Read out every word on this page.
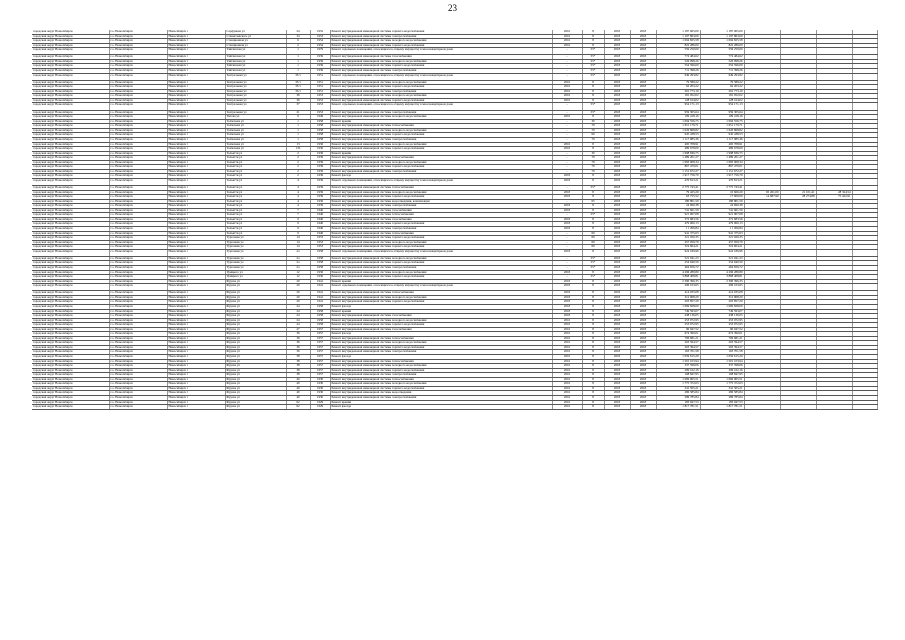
23
городской округ Новосибирск	г.о. Новосибирск	Новосибирск г	Серфунова ул	24	1952	Ремонт внутридомовой инженерной системы горячего водоснабжения	2016	8	2018	2018	1 187 065,00	1 187 065,00				
городской округ Новосибирск	г.о. Новосибирск	Новосибирск г	Станиславского ул	34	1953	Ремонт внутридомовой инженерной системы электроснабжения	2016	8	2018	2018	1 197 863,00	1 197 863,00				
городской округ Новосибирск	г.о. Новосибирск	Новосибирск г	Станционная ул	6	1954	Ремонт внутридомовой инженерной системы холодного водоснабжения	2016	8	2018	2018	1 094 825,58	1 094 825,58				
городской округ Новосибирск	г.о. Новосибирск	Новосибирск г	Станционная ул	2	1954	Ремонт внутридомовой инженерной системы горячего водоснабжения	2016	8	2018	2018	822 286,00	822 286,00				
городской округ Новосибирск	г.о. Новосибирск	Новосибирск г	Тайгинская ул	1	1979	Ремонт отдельных помещений, относящихся к общему имуществу в многоквартирном доме	-	55*	2018	2018	559 250,00	559 250,00				
городской округ Новосибирск	г.о. Новосибирск	Новосибирск г	Тайгинская ул	1	1939	Ремонт внутридомовой инженерной системы газоснабжения	-	55*	2018	2018	774 484,62	774 484,62				
городской округ Новосибирск	г.о. Новосибирск	Новосибирск г	Тайгинская ул	1	1939	Ремонт внутридомовой инженерной системы холодного водоснабжения	-	55*	2018	2018	526 098,26	526 098,26				
городской округ Новосибирск	г.о. Новосибирск	Новосибирск г	Тайгинская ул	1	1939	Ремонт внутридомовой инженерной системы горячего водоснабжения	-	55*	2018	2018	554 596,00	554 596,00				
городской округ Новосибирск	г.о. Новосибирск	Новосибирск г	Тайгинская ул	1	1939	Ремонт внутридомовой инженерной системы электроснабжения	-	55*	2018	2018	711 398,26	711 398,26				
городской округ Новосибирск	г.о. Новосибирск	Новосибирск г	Театральная ул	35/1	1951	Ремонт отдельных помещений, относящихся к общему имуществу в многоквартирном доме	-	55*	2018	2018	649 293,82	649 293,82				
городской округ Новосибирск	г.о. Новосибирск	Новосибирск г	Театральная ул	35/1	1951	Ремонт внутридомовой инженерной системы холодного водоснабжения	2016	8	2018	2018	79 589,22	79 589,22				
городской округ Новосибирск	г.о. Новосибирск	Новосибирск г	Театральная ул	35/1	1951	Ремонт внутридомовой инженерной системы горячего водоснабжения	2016	8	2018	2018	62 203,22	62 203,22				
городской округ Новосибирск	г.о. Новосибирск	Новосибирск г	Театральная ул	35/1	1951	Ремонт внутридомовой инженерной системы электроснабжения	2016	8	2018	2018	291 773,19	291 773,19				
городской округ Новосибирск	г.о. Новосибирск	Новосибирск г	Театральная ул	36	1953	Ремонт внутридомовой инженерной системы холодного водоснабжения	2016	8	2018	2018	181 052,02	181 052,02				
городской округ Новосибирск	г.о. Новосибирск	Новосибирск г	Театральная ул	36	1953	Ремонт внутридомовой инженерной системы горячего водоснабжения	2016	8	2018	2018	128 164,02	128 164,02				
городской округ Новосибирск	г.о. Новосибирск	Новосибирск г	Театральная ул	37	1953	Ремонт отдельных помещений, относящихся к общему имуществу в многоквартирном доме	-	55*	2018	2018	954 171,13	954 171,13				
городской округ Новосибирск	г.о. Новосибирск	Новосибирск г	Театральная ул	21	1953	Ремонт внутридомовой инженерной системы электроснабжения	-	55*	2018	2018	959 305,64	959 305,64				
городской округ Новосибирск	г.о. Новосибирск	Новосибирск г	Титова ул	9	1949	Ремонт внутридомовой инженерной системы холодного водоснабжения	2016	8	2018	2018	109 418,16	109 418,16				
городской округ Новосибирск	г.о. Новосибирск	Новосибирск г	Толмачева ул	1	1958	Ремонт крыши	-	30	2018	2018	1 094 556,75	1 094 556,75				
городской округ Новосибирск	г.о. Новосибирск	Новосибирск г	Толмачева ул	1	1958	Ремонт внутридомовой инженерной системы теплоснабжения	-	79	2018	2018	1 651 179,71	1 651 179,71				
городской округ Новосибирск	г.о. Новосибирск	Новосибирск г	Толмачева ул	1	1958	Ремонт внутридомовой инженерной системы холодного водоснабжения	-	79	2018	2018	1 026 868,82	1 026 868,82				
городской округ Новосибирск	г.о. Новосибирск	Новосибирск г	Толмачева ул	1	1958	Ремонт внутридомовой инженерной системы горячего водоснабжения	-	69	2018	2018	945 438,53	945 438,53				
городской округ Новосибирск	г.о. Новосибирск	Новосибирск г	Толмачева ул	1	1958	Ремонт внутридомовой инженерной системы электроснабжения	-	79	2018	2018	1 117 985,36	1 117 985,36				
городской округ Новосибирск	г.о. Новосибирск	Новосибирск г	Толмачева ул	13	1936	Ремонт внутридомовой инженерной системы холодного водоснабжения	2016	8	2018	2018	495 708,91	495 708,91				
городской округ Новосибирск	г.о. Новосибирск	Новосибирск г	Толмачева ул	13б	1936	Ремонт внутридомовой инженерной системы горячего водоснабжения	2016	8	2018	2018	489 678,09	489 678,09				
городской округ Новосибирск	г.о. Новосибирск	Новосибирск г	Тольятти ул	2	1939	Ремонт крыши	-	30	2018	2018	1 998 836,75	1 998 836,75				
городской округ Новосибирск	г.о. Новосибирск	Новосибирск г	Тольятти ул	2	1939	Ремонт внутридомовой инженерной системы теплоснабжения	-	79	2018	2018	1 489 201,27	1 489 201,27				
городской округ Новосибирск	г.о. Новосибирск	Новосибирск г	Тольятти ул	2	1939	Ремонт внутридомовой инженерной системы холодного водоснабжения	-	79	2018	2018	1 083 008,34	1 083 008,34				
городской округ Новосибирск	г.о. Новосибирск	Новосибирск г	Тольятти ул	2	1939	Ремонт внутридомовой инженерной системы горячего водоснабжения	-	79	2018	2018	867 470,01	867 470,01				
городской округ Новосибирск	г.о. Новосибирск	Новосибирск г	Тольятти ул	2	1939	Ремонт внутридомовой инженерной системы электроснабжения	-	79	2018	2018	1 151 672,27	1 151 672,27				
городской округ Новосибирск	г.о. Новосибирск	Новосибирск г	Тольятти ул	2	1939	Ремонт фасада	2018	8	2018	2018	1 917 756,70	1 917 756,70				
городской округ Новосибирск	г.о. Новосибирск	Новосибирск г	Тольятти ул	4	1939	Ремонт отдельных помещений, относящихся к общему имуществу в многоквартирном доме	2018	8	2018	2018	470 813,21	470 813,21				
городской округ Новосибирск	г.о. Новосибирск	Новосибирск г	Тольятти ул	4	1939	Ремонт внутридомовой инженерной системы теплоснабжения	-	55*	2018	2018	2 775 743,41	2 775 743,41				
городской округ Новосибирск	г.о. Новосибирск	Новосибирск г	Тольятти ул	4	1939	Ремонт внутридомовой инженерной системы холодного водоснабжения	2018	8	2018	2018	79 425,29	10 669,29	65 261,00	21 101,41	28 324,54	
городской округ Новосибирск	г.о. Новосибирск	Новосибирск г	Тольятти ул	4	1939	Ремонт внутридомовой инженерной системы горячего водоснабжения	2018	8	2018	2018	63 755,52	17 600,09	14 687,99	28 274,88	75 422,91	
городской округ Новосибирск	г.о. Новосибирск	Новосибирск г	Тольятти ул	4	1939	Ремонт внутридомовой инженерной системы водоотведения, канализации	-	65	2018	2018	180 801,59	180 801,59				
городской округ Новосибирск	г.о. Новосибирск	Новосибирск г	Тольятти ул	4	1939	Ремонт внутридомовой инженерной системы электроснабжения	2018	8	2018	2018	24 690,38	24 690,38				
городской округ Новосибирск	г.о. Новосибирск	Новосибирск г	Тольятти ул	7	1940	Ремонт внутридомовой инженерной системы газоснабжения	2018	8	2018	2018	741 661,59	741 661,59				
городской округ Новосибирск	г.о. Новосибирск	Новосибирск г	Тольятти ул	7	1940	Ремонт внутридомовой инженерной системы теплоснабжения	-	55*	2018	2018	921 907,08	921 907,08				
городской округ Новосибирск	г.о. Новосибирск	Новосибирск г	Тольятти ул	9	1940	Ремонт внутридомовой инженерной системы газоснабжения	2018	8	2018	2018	372 683,56	372 683,56				
городской округ Новосибирск	г.о. Новосибирск	Новосибирск г	Тольятти ул	9	1940	Ремонт внутридомовой инженерной системы горячего водоснабжения	2018	8	2018	2018	479 060,13	479 060,13				
городской округ Новосибирск	г.о. Новосибирск	Новосибирск г	Тольятти ул	9	1940	Ремонт внутридомовой инженерной системы электроснабжения	2018	8	2018	2018	1 1 206,84	1 1 206,84				
городской округ Новосибирск	г.о. Новосибирск	Новосибирск г	Тольятти ул	9	1940	Ремонт внутридомовой инженерной системы теплоснабжения	-	69	2018	2018	941 375,63	941 375,63				
городской округ Новосибирск	г.о. Новосибирск	Новосибирск г	Тургенева ул	14	1953	Ремонт внутридомовой инженерной системы горячего водоснабжения	-	69	2018	2018	321 020,35	321 020,35				
городской округ Новосибирск	г.о. Новосибирск	Новосибирск г	Тургенева ул	14	1953	Ремонт внутридомовой инженерной системы холодного водоснабжения	-	69	2018	2018	457 959,70	457 959,70				
городской округ Новосибирск	г.о. Новосибирск	Новосибирск г	Тургенева ул	14	1953	Ремонт внутридомовой инженерной системы горячего водоснабжения	-	69	2018	2018	319 604,21	319 604,21				
городской округ Новосибирск	г.о. Новосибирск	Новосибирск г	Тургенева ул	2а	1958	Ремонт отдельных помещений, относящихся к общему имуществу в многоквартирном доме	2018	8	2018	2018	924 189,96	924 189,96				
городской округ Новосибирск	г.о. Новосибирск	Новосибирск г	Тургенева ул	2а	1958	Ремонт внутридомовой инженерной системы холодного водоснабжения	-	55*	2018	2018	521 041,23	521 041,23				
городской округ Новосибирск	г.о. Новосибирск	Новосибирск г	Тургенева ул	2а	1958	Ремонт внутридомовой инженерной системы горячего водоснабжения	-	55*	2018	2018	254 640,59	254 640,59				
городской округ Новосибирск	г.о. Новосибирск	Новосибирск г	Тургенева ул	2а	1958	Ремонт внутридомовой инженерной системы электроснабжения	-	55*	2018	2018	464 656,72	464 656,72				
городской округ Новосибирск	г.о. Новосибирск	Новосибирск г	Урицкого ул	12	1936	Ремонт внутридомовой инженерной системы холодного водоснабжения	2018	8	2018	2018	4 296 280,80	4 296 280,80				
городской округ Новосибирск	г.о. Новосибирск	Новосибирск г	Урицкого ул	12	1936	Ремонт внутридомовой инженерной системы горячего водоснабжения	-	55*	2018	2018	3 868 408,81	3 868 408,81				
городской округ Новосибирск	г.о. Новосибирск	Новосибирск г	Фрунзе ул	20	1941	Ремонт крыши	2018	8	2018	2018	2 390 396,35	2 390 396,35				
городской округ Новосибирск	г.о. Новосибирск	Новосибирск г	Фрунзе ул	20	1941	Ремонт отдельных помещений, относящихся к общему имуществу в многоквартирном доме	2018	8	2018	2018	296 163,65	296 163,65				
городской округ Новосибирск	г.о. Новосибирск	Новосибирск г	Фрунзе ул	20	1941	Ремонт внутридомовой инженерной системы теплоснабжения	2018	8	2018	2018	414 035,08	414 035,08				
городской округ Новосибирск	г.о. Новосибирск	Новосибирск г	Фрунзе ул	20	1941	Ремонт внутридомовой инженерной системы холодного водоснабжения	2018	8	2018	2018	312 908,20	312 908,20				
городской округ Новосибирск	г.о. Новосибирск	Новосибирск г	Фрунзе ул	20	1941	Ремонт внутридомовой инженерной системы горячего водоснабжения	2018	8	2018	2018	203 857,29	203 857,29				
городской округ Новосибирск	г.о. Новосибирск	Новосибирск г	Фрунзе ул	24	1958	Ремонт фасада	2018	8	2018	2018	1 069 828,00	1 069 828,00				
городской округ Новосибирск	г.о. Новосибирск	Новосибирск г	Фрунзе ул	24	1958	Ремонт крыши	2018	8	2018	2018	749 593,07	749 593,07				
городской округ Новосибирск	г.о. Новосибирск	Новосибирск г	Фрунзе ул	24	1958	Ремонт внутридомовой инженерной системы газоснабжения	2018	8	2018	2018	438 136,05	438 136,05				
городской округ Новосибирск	г.о. Новосибирск	Новосибирск г	Фрунзе ул	24	1958	Ремонт внутридомовой инженерной системы холодного водоснабжения	2016	8	2018	2018	253 072,95	253 072,95				
городской округ Новосибирск	г.о. Новосибирск	Новосибирск г	Фрунзе ул	24	1958	Ремонт внутридомовой инженерной системы горячего водоснабжения	2016	8	2018	2018	253 072,95	253 072,95				
городской округ Новосибирск	г.о. Новосибирск	Новосибирск г	Фрунзе ул	27	1957	Ремонт внутридомовой инженерной системы газоснабжения	2016	8	2018	2018	90 047,52	90 047,52				
городской округ Новосибирск	г.о. Новосибирск	Новосибирск г	Фрунзе ул	36	1957	Ремонт фасада	2016	8	2018	2018	674 390,01	674 390,01				
городской округ Новосибирск	г.о. Новосибирск	Новосибирск г	Фрунзе ул	36	1957	Ремонт внутридомовой инженерной системы теплоснабжения	2016	8	2018	2018	706 681,21	706 681,21				
городской округ Новосибирск	г.о. Новосибирск	Новосибирск г	Фрунзе ул	36	1957	Ремонт внутридомовой инженерной системы холодного водоснабжения	2016	8	2018	2018	203 594,57	203 594,57				
городской округ Новосибирск	г.о. Новосибирск	Новосибирск г	Фрунзе ул	36	1957	Ремонт внутридомовой инженерной системы горячего водоснабжения	2016	8	2018	2018	203 394,57	203 394,57				
городской округ Новосибирск	г.о. Новосибирск	Новосибирск г	Фрунзе ул	36	1957	Ремонт внутридомовой инженерной системы электроснабжения	2016	8	2018	2018	163 701,58	163 701,58				
городской округ Новосибирск	г.о. Новосибирск	Новосибирск г	Фрунзе ул	38	1957	Ремонт фасада	2016	8	2018	2018	1 059 615,29	1 059 615,29				
городской округ Новосибирск	г.о. Новосибирск	Новосибирск г	Фрунзе ул	38	1957	Ремонт внутридомовой инженерной системы теплоснабжения	2016	8	2018	2018	1 501 103,94	1 501 103,94				
городской округ Новосибирск	г.о. Новосибирск	Новосибирск г	Фрунзе ул	38	1957	Ремонт внутридомовой инженерной системы холодного водоснабжения	2016	8	2018	2018	337 598,06	337 598,06				
городской округ Новосибирск	г.о. Новосибирск	Новосибирск г	Фрунзе ул	38	1957	Ремонт внутридомовой инженерной системы горячего водоснабжения	2016	8	2018	2018	299 162,16	299 162,16				
городской округ Новосибирск	г.о. Новосибирск	Новосибирск г	Фрунзе ул	38	1957	Ремонт внутридомовой инженерной системы электроснабжения	2016	8	2018	2018	168 847,95	168 847,95				
городской округ Новосибирск	г.о. Новосибирск	Новосибирск г	Фрунзе ул	40	1930	Ремонт внутридомовой инженерной системы теплоснабжения	2016	8	2018	2018	1 069 905,51	1 069 905,51				
городской округ Новосибирск	г.о. Новосибирск	Новосибирск г	Фрунзе ул	40	1930	Ремонт внутридомовой инженерной системы холодного водоснабжения	2016	8	2018	2018	1 775 372,63	1 775 372,63				
городской округ Новосибирск	г.о. Новосибирск	Новосибирск г	Фрунзе ул	40	1930	Ремонт внутридомовой инженерной системы горячего водоснабжения	2016	8	2018	2018	341 505,21	341 505,21				
городской округ Новосибирск	г.о. Новосибирск	Новосибирск г	Фрунзе ул	40	1930	Ремонт внутридомовой инженерной системы водоотведения	2016	8	2018	2018	286 585,84	286 585,84				
городской округ Новосибирск	г.о. Новосибирск	Новосибирск г	Фрунзе ул	40	1930	Ремонт внутридомовой инженерной системы электроснабжения	2016	8	2018	2018	286 785,84	286 785,84				
городской округ Новосибирск	г.о. Новосибирск	Новосибирск г	Фрунзе ул	62	1929	Ремонт крыши	2016	8	2018	2018	183 947,53	183 947,53				
городской округ Новосибирск	г.о. Новосибирск	Новосибирск г	Фрунзе ул	62	1929	Ремонт фасада	2016	8	2018	2018	1 817 781,51	1 817 781,51				
